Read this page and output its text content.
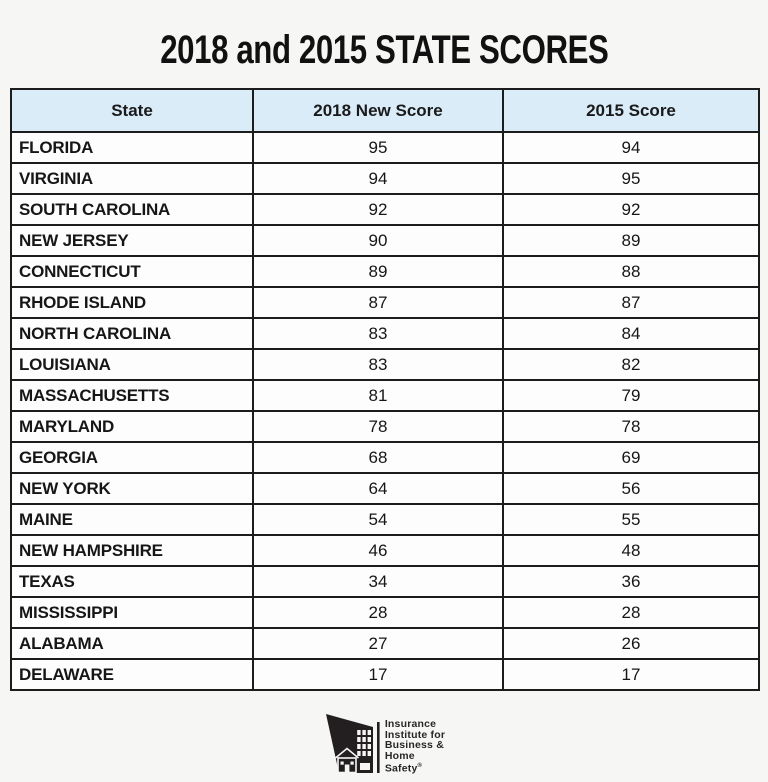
2018 and 2015 STATE SCORES
State	2018 New Score	2015 Score
FLORIDA	95	94
VIRGINIA	94	95
SOUTH CAROLINA	92	92
NEW JERSEY	90	89
CONNECTICUT	89	88
RHODE ISLAND	87	87
NORTH CAROLINA	83	84
LOUISIANA	83	82
MASSACHUSETTS	81	79
MARYLAND	78	78
GEORGIA	68	69
NEW YORK	64	56
MAINE	54	55
NEW HAMPSHIRE	46	48
TEXAS	34	36
MISSISSIPPI	28	28
ALABAMA	27	26
DELAWARE	17	17
Insurance
Institute for
Business &
Home
Safety®
